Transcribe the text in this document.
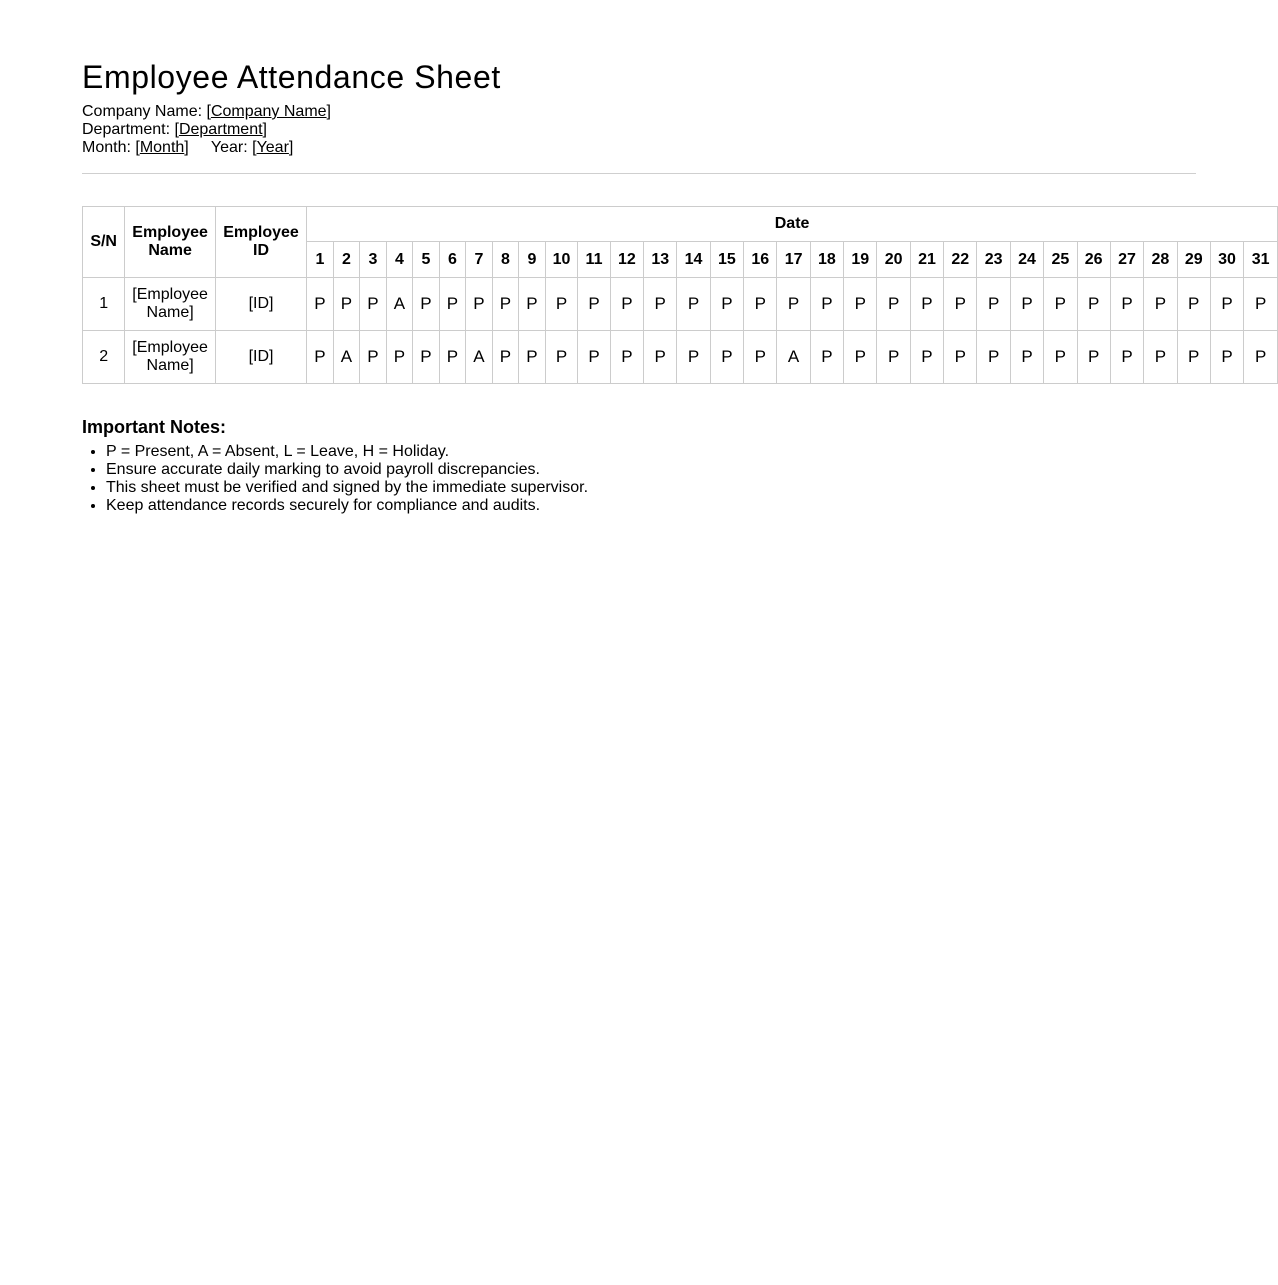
Employee Attendance Sheet
Company Name: [Company Name]
Department: [Department]
Month: [Month] Year: [Year]
S/N	Employee Name	Employee ID	Date																														
			1	2	3	4	5	6	7	8	9	10	11	12	13	14	15	16	17	18	19	20	21	22	23	24	25	26	27	28	29	30	31
1	[Employee Name]	[ID]	P	P	P	A	P	P	P	P	P	P	P	P	P	P	P	P	P	P	P	P	P	P	P	P	P	P	P	P	P	P	P
2	[Employee Name]	[ID]	P	A	P	P	P	P	A	P	P	P	P	P	P	P	P	P	A	P	P	P	P	P	P	P	P	P	P	P	P	P	P
Important Notes:
• P = Present, A = Absent, L = Leave, H = Holiday.
• Ensure accurate daily marking to avoid payroll discrepancies.
• This sheet must be verified and signed by the immediate supervisor.
• Keep attendance records securely for compliance and audits.
